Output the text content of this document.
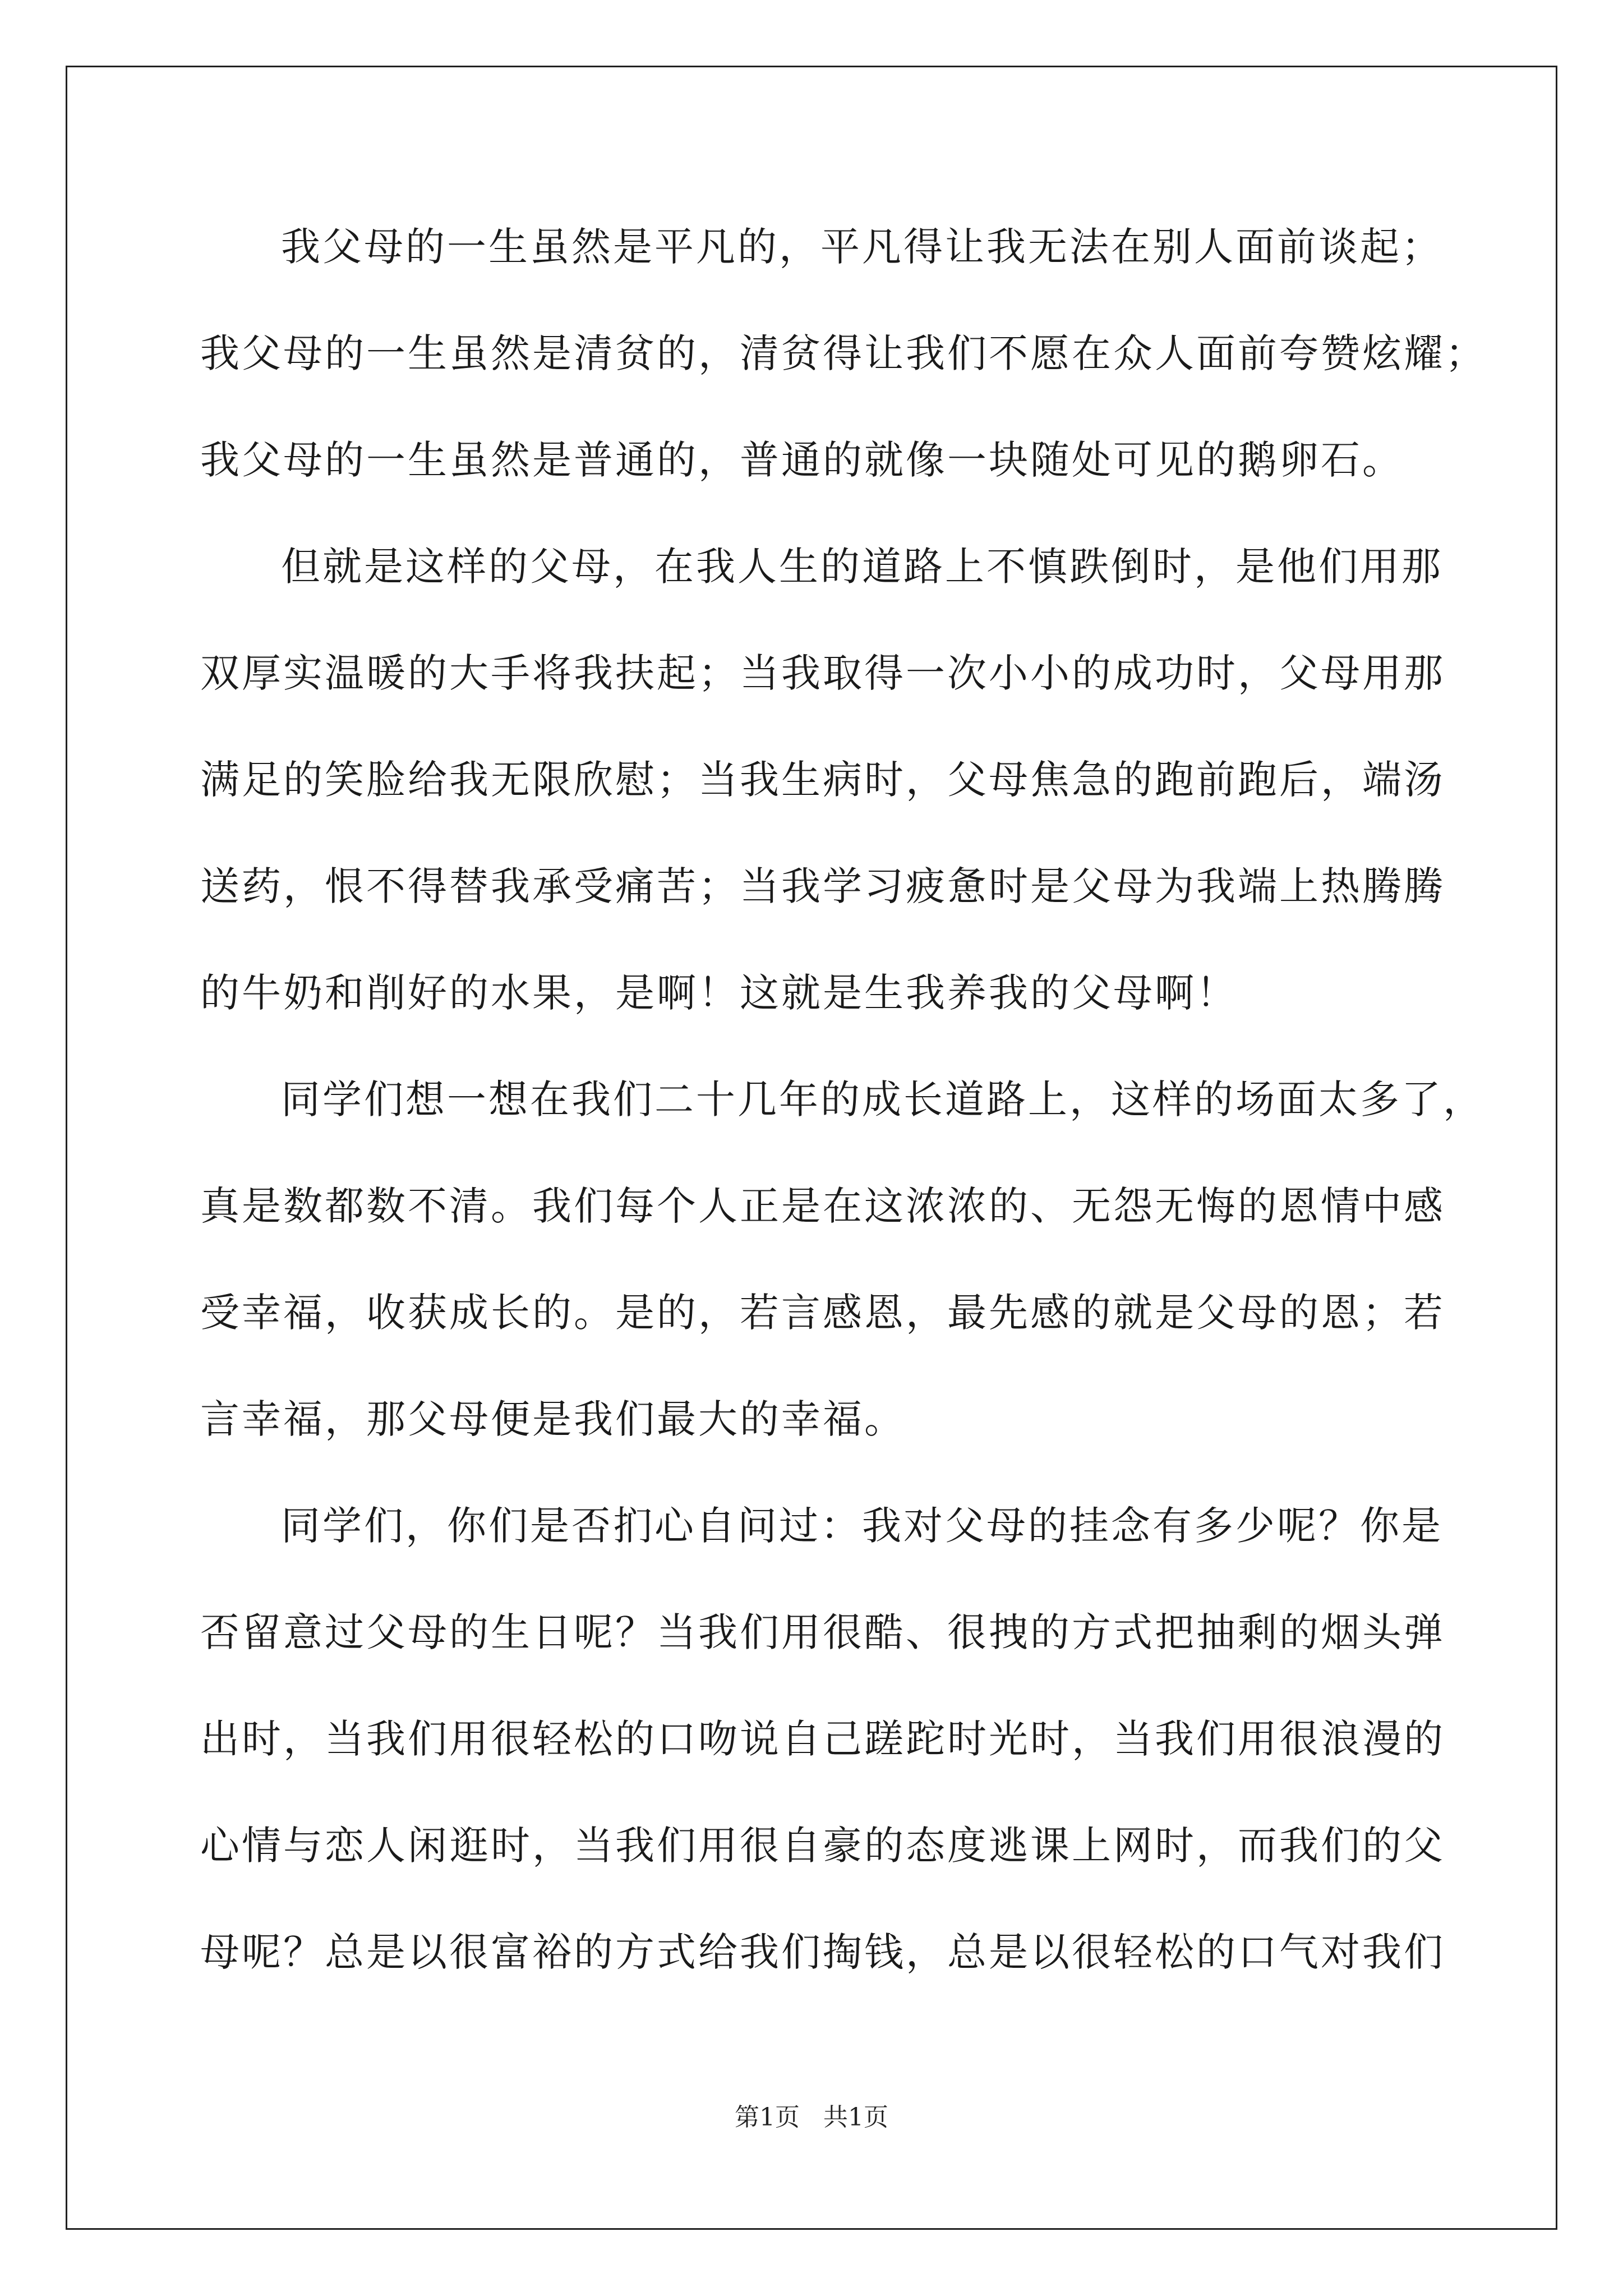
我父母的一生虽然是平凡的，平凡得让我无法在别人面前谈起；
我父母的一生虽然是清贫的，清贫得让我们不愿在众人面前夸赞炫耀；
我父母的一生虽然是普通的，普通的就像一块随处可见的鹅卵石。
但就是这样的父母，在我人生的道路上不慎跌倒时，是他们用那
双厚实温暖的大手将我扶起；当我取得一次小小的成功时，父母用那
满足的笑脸给我无限欣慰；当我生病时，父母焦急的跑前跑后，端汤
送药，恨不得替我承受痛苦；当我学习疲惫时是父母为我端上热腾腾
的牛奶和削好的水果，是啊！这就是生我养我的父母啊！
同学们想一想在我们二十几年的成长道路上，这样的场面太多了，
真是数都数不清。我们每个人正是在这浓浓的、无怨无悔的恩情中感
受幸福，收获成长的。是的，若言感恩，最先感的就是父母的恩；若
言幸福，那父母便是我们最大的幸福。
同学们，你们是否扪心自问过：我对父母的挂念有多少呢？你是
否留意过父母的生日呢？当我们用很酷、很拽的方式把抽剩的烟头弹
出时，当我们用很轻松的口吻说自己蹉跎时光时，当我们用很浪漫的
心情与恋人闲逛时，当我们用很自豪的态度逃课上网时，而我们的父
母呢？总是以很富裕的方式给我们掏钱，总是以很轻松的口气对我们
第1页   共1页
